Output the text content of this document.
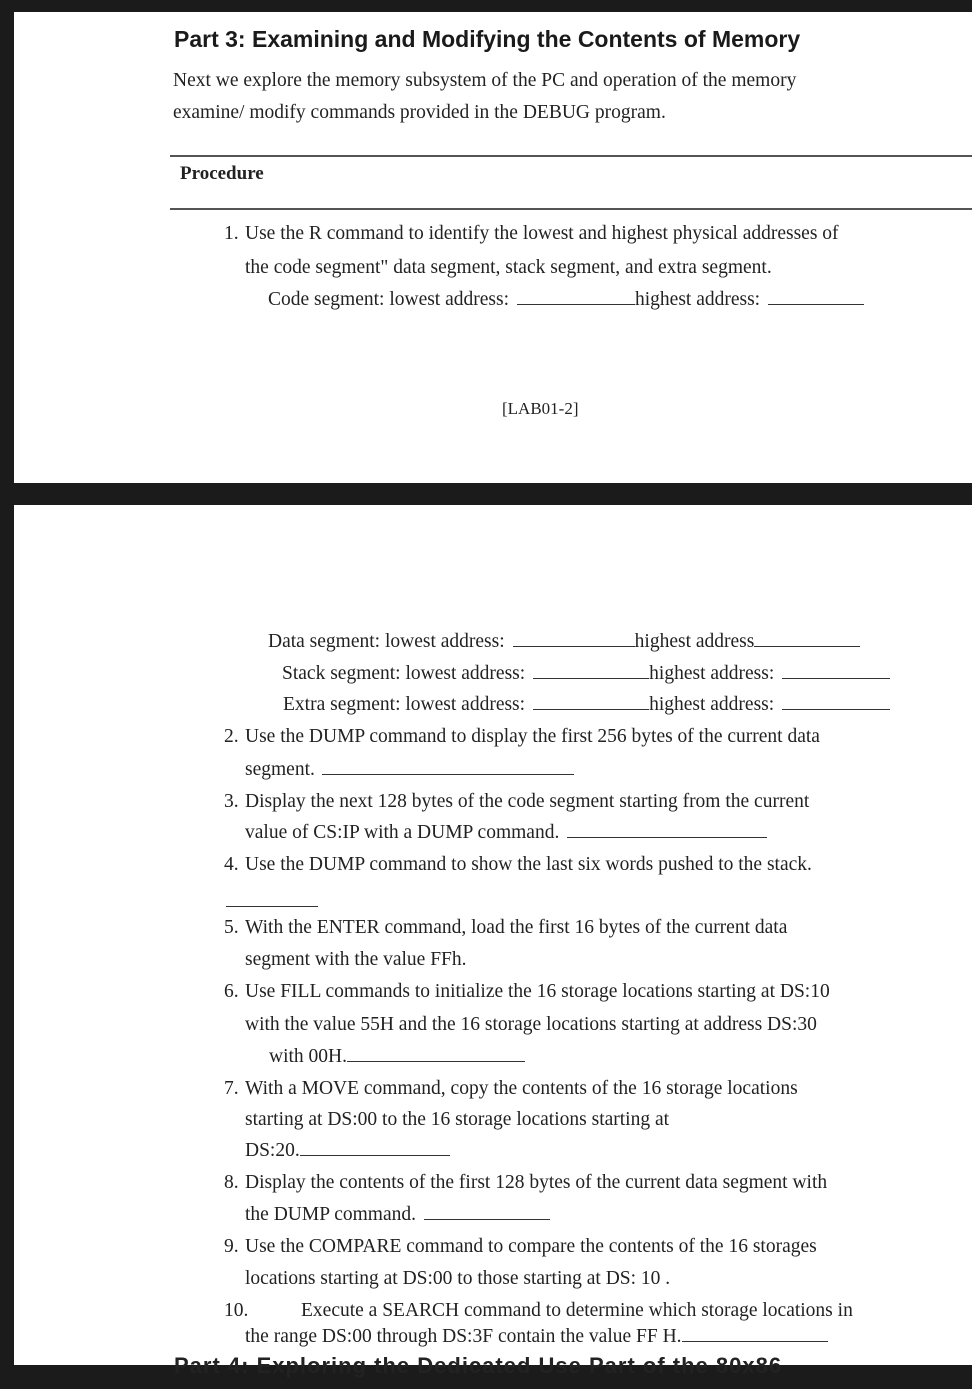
Part 3: Examining and Modifying the Contents of Memory
Next we explore the memory subsystem of the PC and operation of the memory
examine/ modify commands provided in the DEBUG program.
Procedure
1. Use the R command to identify the lowest and highest physical addresses of
the code segment" data segment, stack segment, and extra segment.
Code segment: lowest address:	highest address:
[LAB01-2]
Data segment: lowest address:	highest address
Stack segment: lowest address:	highest address:
Extra segment: lowest address:	highest address:
2. Use the DUMP command to display the first 256 bytes of the current data
segment.
3. Display the next 128 bytes of the code segment starting from the current
value of CS:IP with a DUMP command.
4. Use the DUMP command to show the last six words pushed to the stack.
5. With the ENTER command, load the first 16 bytes of the current data
segment with the value FFh.
6. Use FILL commands to initialize the 16 storage locations starting at DS:10
with the value 55H and the 16 storage locations starting at address DS:30
with 00H.
7. With a MOVE command, copy the contents of the 16 storage locations
starting at DS:00 to the 16 storage locations starting at
DS:20.
8. Display the contents of the first 128 bytes of the current data segment with
the DUMP command.
9. Use the COMPARE command to compare the contents of the 16 storages
locations starting at DS:00 to those starting at DS: 10 .
10.	Execute a SEARCH command to determine which storage locations in
the range DS:00 through DS:3F contain the value FF H.
Part 4: Exploring the Dedicated Use Part of the 80x86
